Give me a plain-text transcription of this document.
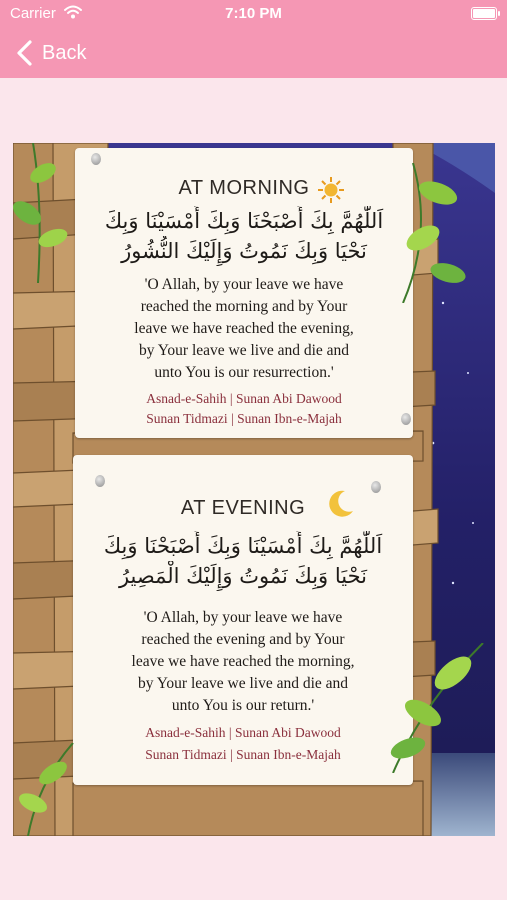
Carrier	7:10 PM
Back
AT MORNING
اَللّٰهُمَّ بِكَ أَصْبَحْنَا وَبِكَ أَمْسَيْنَا وَبِكَ
نَحْيَا وَبِكَ نَمُوتُ وَإِلَيْكَ النُّشُورُ
'O Allah, by your leave we have
reached the morning and by Your
leave we have reached the evening,
by Your leave we live and die and
unto You is our resurrection.'
Asnad-e-Sahih | Sunan Abi Dawood
Sunan Tidmazi | Sunan Ibn-e-Majah
AT EVENING
اَللّٰهُمَّ بِكَ أَمْسَيْنَا وَبِكَ أَصْبَحْنَا وَبِكَ
نَحْيَا وَبِكَ نَمُوتُ وَإِلَيْكَ الْمَصِيرُ
'O Allah, by your leave we have
reached the evening and by Your
leave we have reached the morning,
by Your leave we live and die and
unto You is our return.'
Asnad-e-Sahih | Sunan Abi Dawood
Sunan Tidmazi | Sunan Ibn-e-Majah
